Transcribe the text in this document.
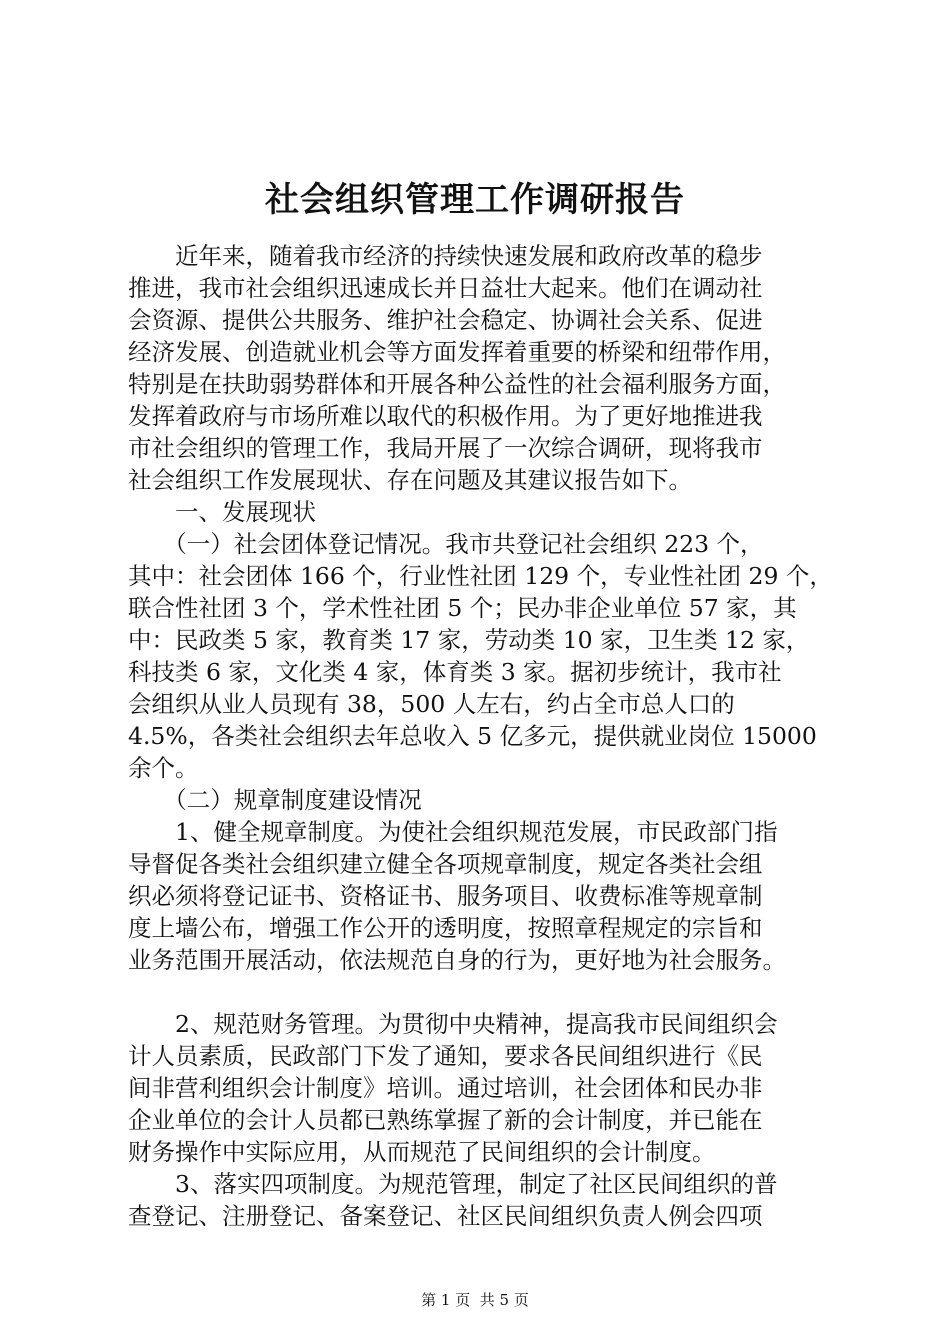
社会组织管理工作调研报告
　　近年来，随着我市经济的持续快速发展和政府改革的稳步
推进，我市社会组织迅速成长并日益壮大起来。他们在调动社
会资源、提供公共服务、维护社会稳定、协调社会关系、促进
经济发展、创造就业机会等方面发挥着重要的桥梁和纽带作用，
特别是在扶助弱势群体和开展各种公益性的社会福利服务方面，
发挥着政府与市场所难以取代的积极作用。为了更好地推进我
市社会组织的管理工作，我局开展了一次综合调研，现将我市
社会组织工作发展现状、存在问题及其建议报告如下。
　　一、发展现状
　　（一）社会团体登记情况。我市共登记社会组织 223 个，
其中：社会团体 166 个，行业性社团 129 个，专业性社团 29 个，
联合性社团 3 个，学术性社团 5 个；民办非企业单位 57 家，其
中：民政类 5 家，教育类 17 家，劳动类 10 家，卫生类 12 家，
科技类 6 家，文化类 4 家，体育类 3 家。据初步统计，我市社
会组织从业人员现有 38，500 人左右，约占全市总人口的
4.5%，各类社会组织去年总收入 5 亿多元，提供就业岗位 15000
余个。
　　（二）规章制度建设情况
　　1、健全规章制度。为使社会组织规范发展，市民政部门指
导督促各类社会组织建立健全各项规章制度，规定各类社会组
织必须将登记证书、资格证书、服务项目、收费标准等规章制
度上墙公布，增强工作公开的透明度，按照章程规定的宗旨和
业务范围开展活动，依法规范自身的行为，更好地为社会服务。
　　2、规范财务管理。为贯彻中央精神，提高我市民间组织会
计人员素质，民政部门下发了通知，要求各民间组织进行《民
间非营利组织会计制度》培训。通过培训，社会团体和民办非
企业单位的会计人员都已熟练掌握了新的会计制度，并已能在
财务操作中实际应用，从而规范了民间组织的会计制度。
　　3、落实四项制度。为规范管理，制定了社区民间组织的普
查登记、注册登记、备案登记、社区民间组织负责人例会四项
第 1 页  共 5 页
